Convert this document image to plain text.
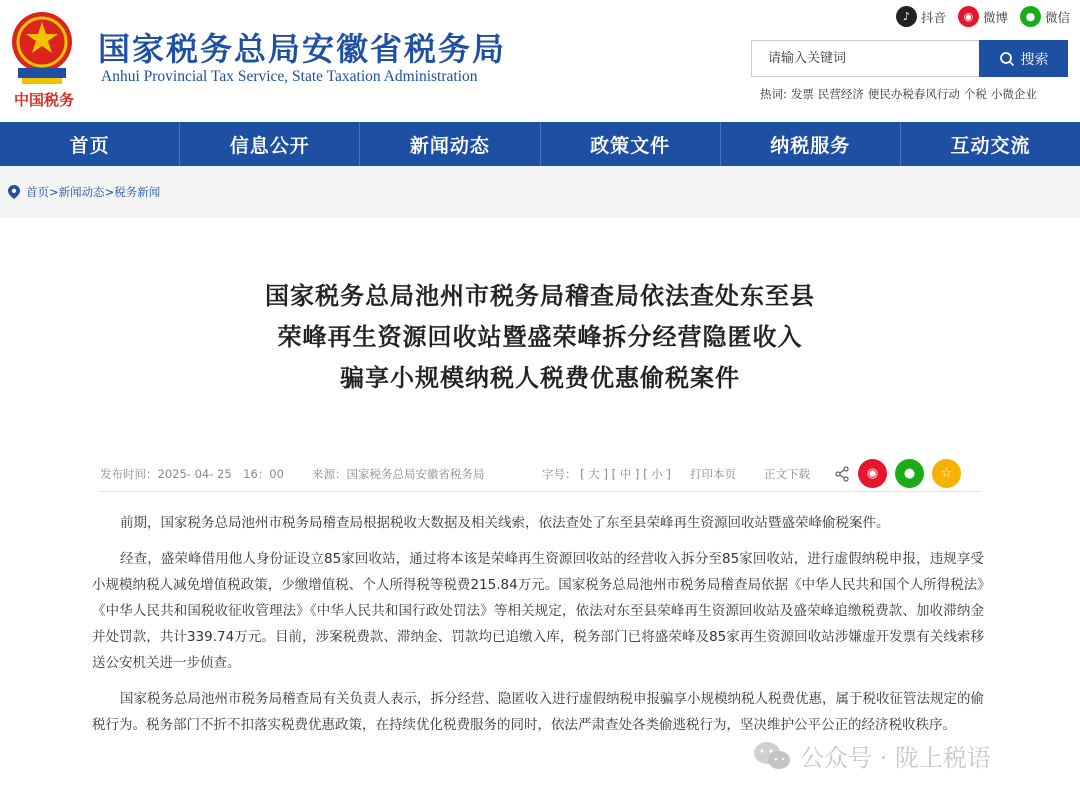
中国税务
国家税务总局安徽省税务局
Anhui Provincial Tax Service, State Taxation Administration
♪ 抖音	◉ 微博	● 微信
请输入关键词
搜索
热词: 发票 民营经济 便民办税春风行动 个税 小微企业
首页	信息公开	新闻动态	政策文件	纳税服务	互动交流
首页> 新闻动态> 税务新闻
国家税务总局池州市税务局稽查局依法查处东至县
荣峰再生资源回收站暨盛荣峰拆分经营隐匿收入
骗享小规模纳税人税费优惠偷税案件
发布时间：2025- 04- 25　16：00	来源：国家税务总局安徽省税务局	字号： [ 大 ] [ 中 ] [ 小 ]	打印本页	正文下载	◉	●	☆

前期，国家税务总局池州市税务局稽查局根据税收大数据及相关线索，依法查处了东至县荣峰再生资源回收站暨盛荣峰偷税案件。

经查，盛荣峰借用他人身份证设立85家回收站，通过将本该是荣峰再生资源回收站的经营收入拆分至85家回收站，进行虚假纳税申报，违规享受小规模纳税人减免增值税政策，少缴增值税、个人所得税等税费215.84万元。国家税务总局池州市税务局稽查局依据《中华人民共和国个人所得税法》《中华人民共和国税收征收管理法》《中华人民共和国行政处罚法》等相关规定，依法对东至县荣峰再生资源回收站及盛荣峰追缴税费款、加收滞纳金并处罚款，共计339.74万元。目前，涉案税费款、滞纳金、罚款均已追缴入库，税务部门已将盛荣峰及85家再生资源回收站涉嫌虚开发票有关线索移送公安机关进一步侦查。

国家税务总局池州市税务局稽查局有关负责人表示，拆分经营、隐匿收入进行虚假纳税申报骗享小规模纳税人税费优惠，属于税收征管法规定的偷税行为。税务部门不折不扣落实税费优惠政策，在持续优化税费服务的同时，依法严肃查处各类偷逃税行为，坚决维护公平公正的经济税收秩序。

公众号 · 陇上税语
